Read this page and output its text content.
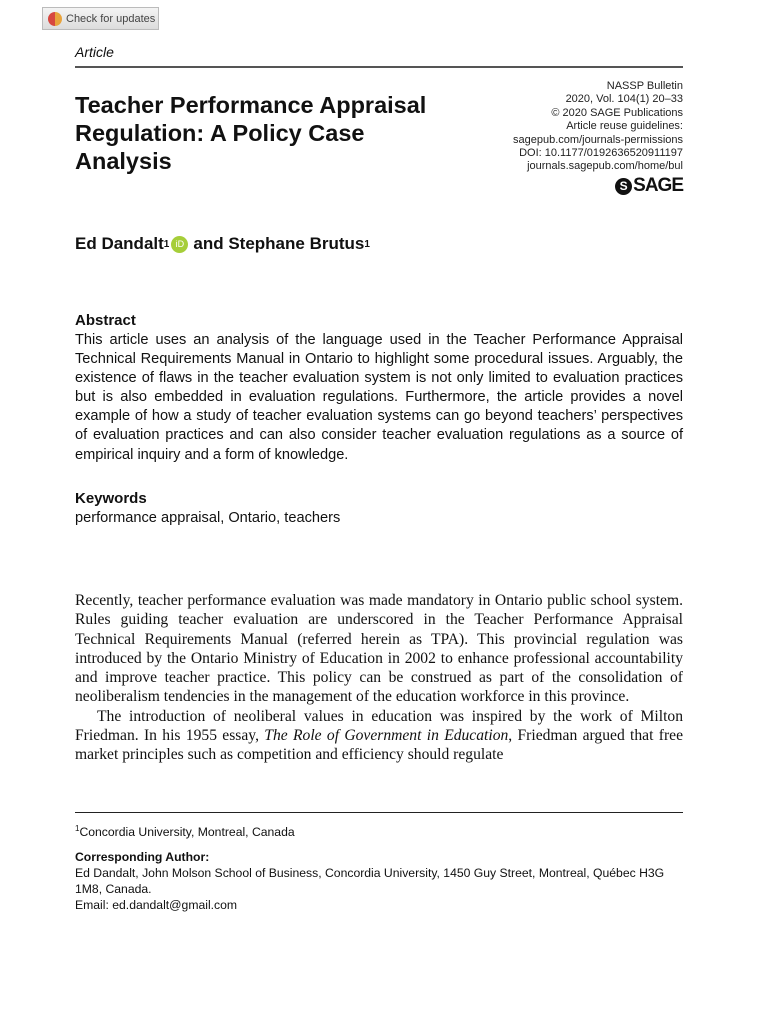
Check for updates
Article
Teacher Performance Appraisal Regulation: A Policy Case Analysis
NASSP Bulletin
2020, Vol. 104(1) 20–33
© 2020 SAGE Publications
Article reuse guidelines:
sagepub.com/journals-permissions
DOI: 10.1177/0192636520911197
journals.sagepub.com/home/bul
S SAGE
Ed Dandalt 1 iD and
Stephane Brutus 1
Abstract
This article uses an analysis of the language used in the Teacher Performance Appraisal Technical Requirements Manual in Ontario to highlight some procedural issues. Arguably, the existence of flaws in the teacher evaluation system is not only limited to evaluation practices but is also embedded in evaluation regulations. Furthermore, the article provides a novel example of how a study of teacher evaluation systems can go beyond teachers’ perspectives of evaluation practices and can also consider teacher evaluation regulations as a source of empirical inquiry and a form of knowledge.
Keywords
performance appraisal, Ontario, teachers

Recently, teacher performance evaluation was made mandatory in Ontario public school system. Rules guiding teacher evaluation are underscored in the Teacher Performance Appraisal Technical Requirements Manual (referred herein as TPA). This provincial regulation was introduced by the Ontario Ministry of Education in 2002 to enhance professional accountability and improve teacher practice. This policy can be construed as part of the consolidation of neoliberalism tendencies in the management of the education workforce in this province.

The introduction of neoliberal values in education was inspired by the work of Milton Friedman. In his 1955 essay, The Role of Government in Education, Friedman argued that free market principles such as competition and efficiency should regulate

$^1$Concordia University, Montreal, Canada
Corresponding Author:
Ed Dandalt, John Molson School of Business, Concordia University, 1450 Guy Street, Montreal, Québec H3G 1M8, Canada.
Email: ed.dandalt@gmail.com
